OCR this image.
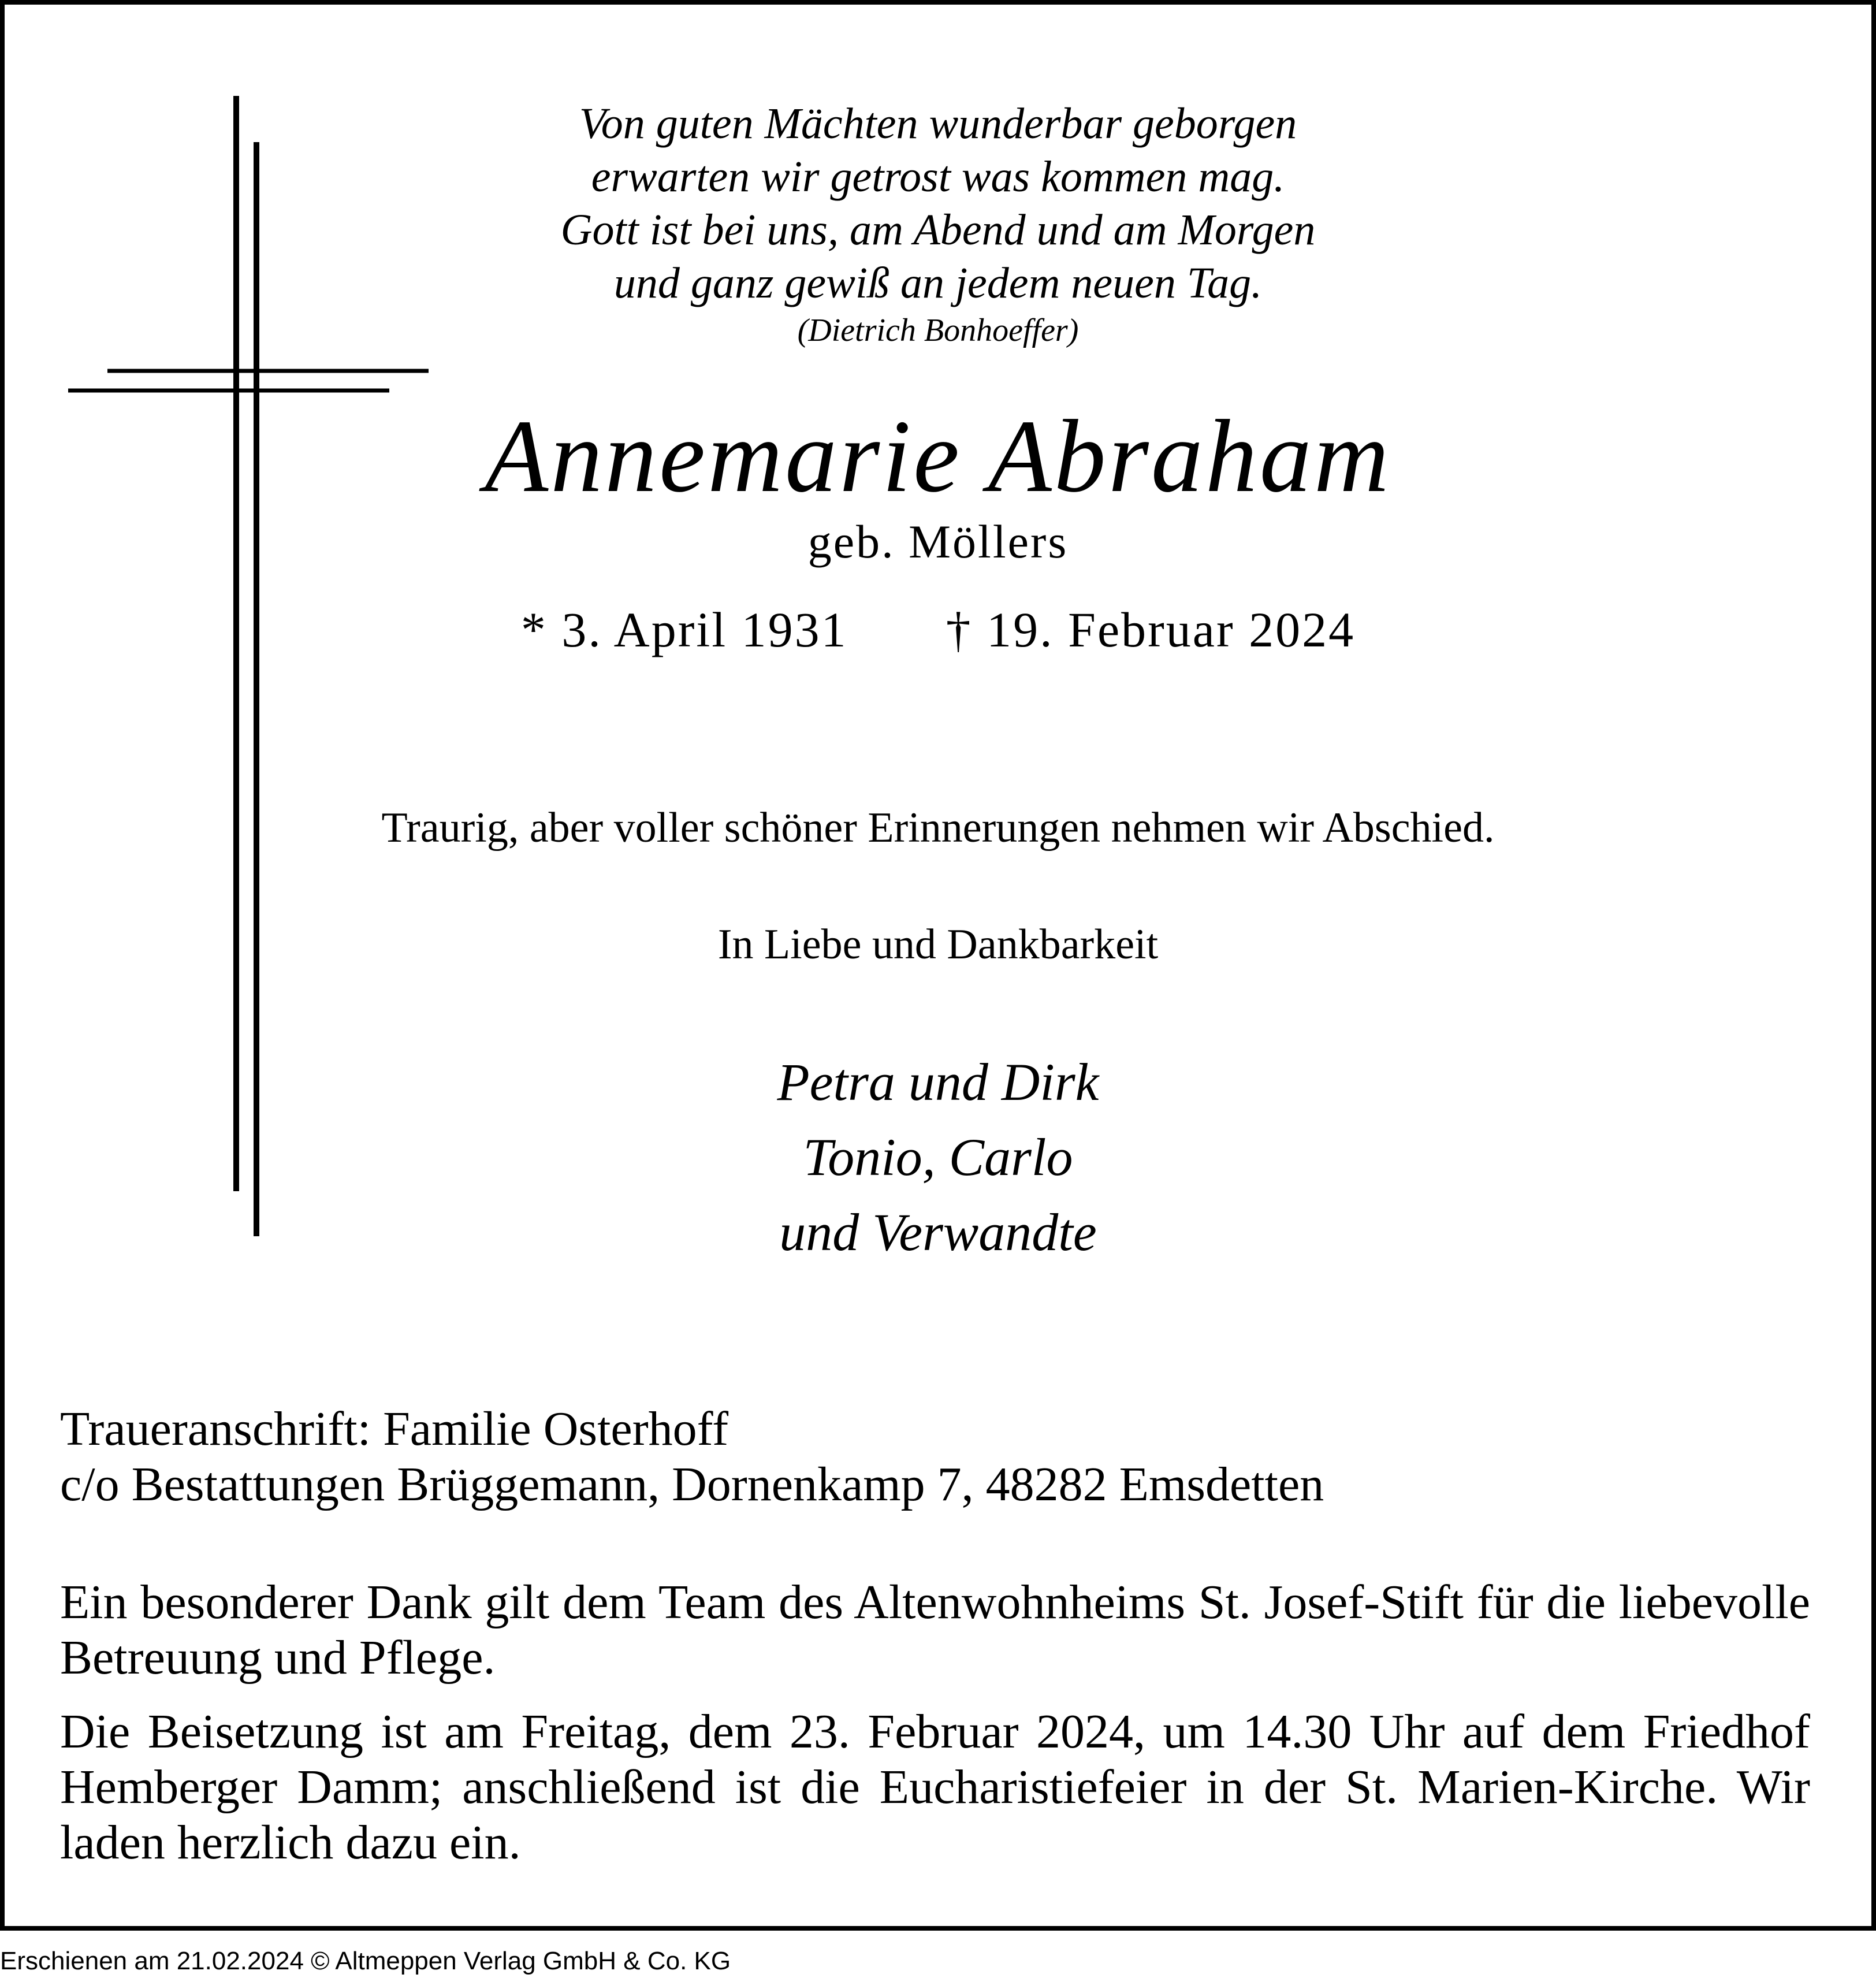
Von guten Mächten wunderbar geborgen
erwarten wir getrost was kommen mag.
Gott ist bei uns, am Abend und am Morgen
und ganz gewiß an jedem neuen Tag.
(Dietrich Bonhoeffer)
Annemarie Abraham
geb. Möllers
* 3. April 1931 † 19. Februar 2024
Traurig, aber voller schöner Erinnerungen nehmen wir Abschied.
In Liebe und Dankbarkeit
Petra und Dirk
Tonio, Carlo
und Verwandte
Traueranschrift: Familie Osterhoff
c/o Bestattungen Brüggemann, Dornenkamp 7, 48282 Emsdetten
Ein besonderer Dank gilt dem Team des Altenwohnheims St. Josef-Stift für die liebevolle Betreuung und Pflege.
Die Beisetzung ist am Freitag, dem 23. Februar 2024, um 14.30 Uhr auf dem Friedhof Hemberger Damm; anschließend ist die Eucharistiefeier in der St. Marien-Kirche. Wir laden herzlich dazu ein.
Erschienen am 21.02.2024 © Altmeppen Verlag GmbH & Co. KG
